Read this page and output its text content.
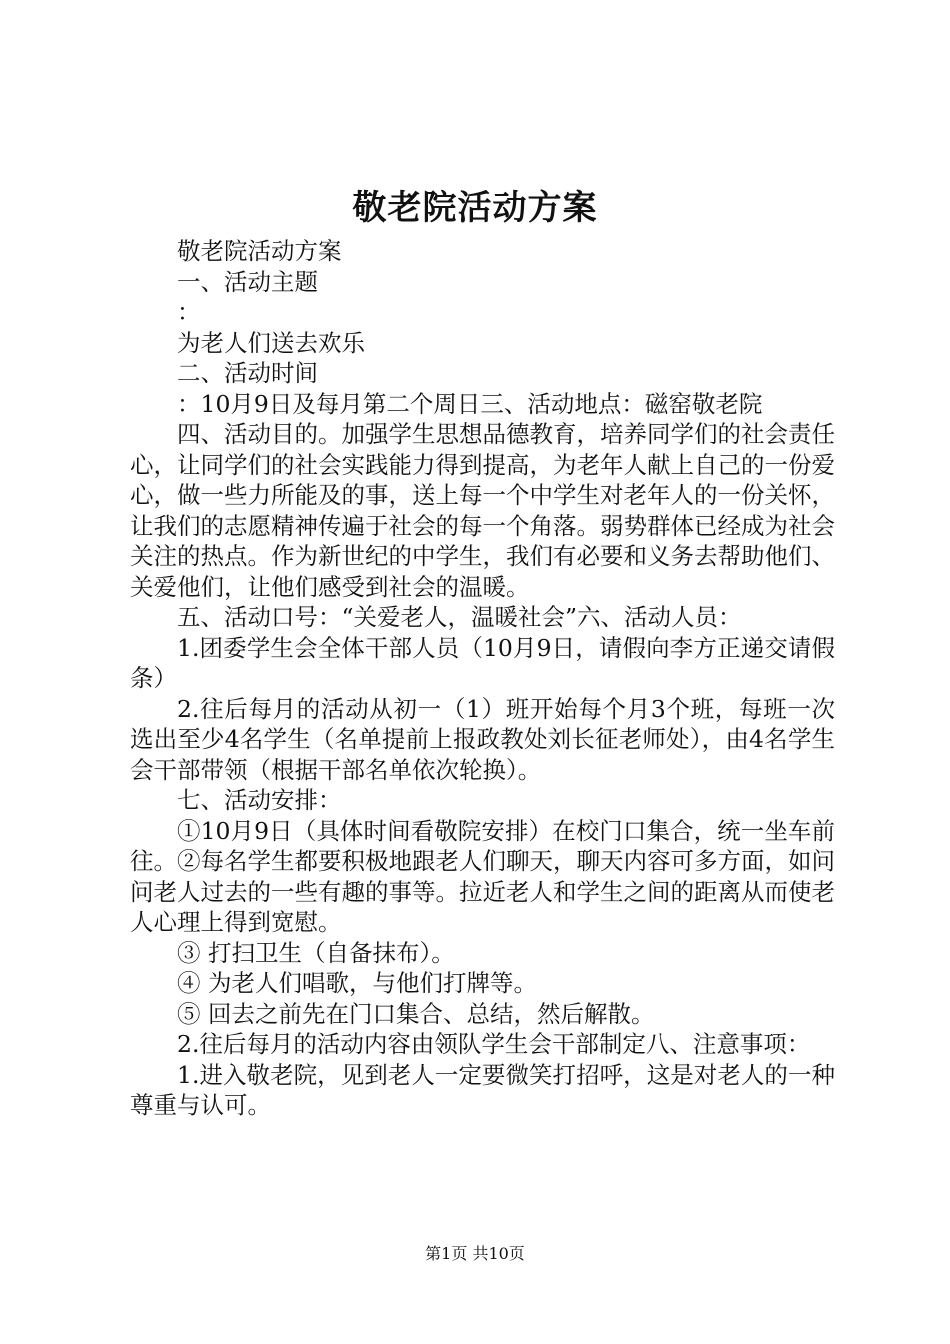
敬老院活动方案

敬老院活动方案

一、活动主题

：

为老人们送去欢乐

二、活动时间

：10月9日及每月第二个周日三、活动地点：磁窑敬老院

四、活动目的。加强学生思想品德教育，培养同学们的社会责任心，让同学们的社会实践能力得到提高，为老年人献上自己的一份爱心，做一些力所能及的事，送上每一个中学生对老年人的一份关怀，让我们的志愿精神传遍于社会的每一个角落。弱势群体已经成为社会关注的热点。作为新世纪的中学生，我们有必要和义务去帮助他们、关爱他们，让他们感受到社会的温暖。

五、活动口号：“关爱老人，温暖社会”六、活动人员：

1.团委学生会全体干部人员（10月9日，请假向李方正递交请假条）

2.往后每月的活动从初一（1）班开始每个月3个班，每班一次选出至少4名学生（名单提前上报政教处刘长征老师处），由4名学生会干部带领（根据干部名单依次轮换）。

七、活动安排：

①10月9日（具体时间看敬院安排）在校门口集合，统一坐车前往。②每名学生都要积极地跟老人们聊天，聊天内容可多方面，如问问老人过去的一些有趣的事等。拉近老人和学生之间的距离从而使老人心理上得到宽慰。

③ 打扫卫生（自备抹布）。

④ 为老人们唱歌，与他们打牌等。

⑤ 回去之前先在门口集合、总结，然后解散。

2.往后每月的活动内容由领队学生会干部制定八、注意事项：

1.进入敬老院，见到老人一定要微笑打招呼，这是对老人的一种尊重与认可。

第1页 共10页
